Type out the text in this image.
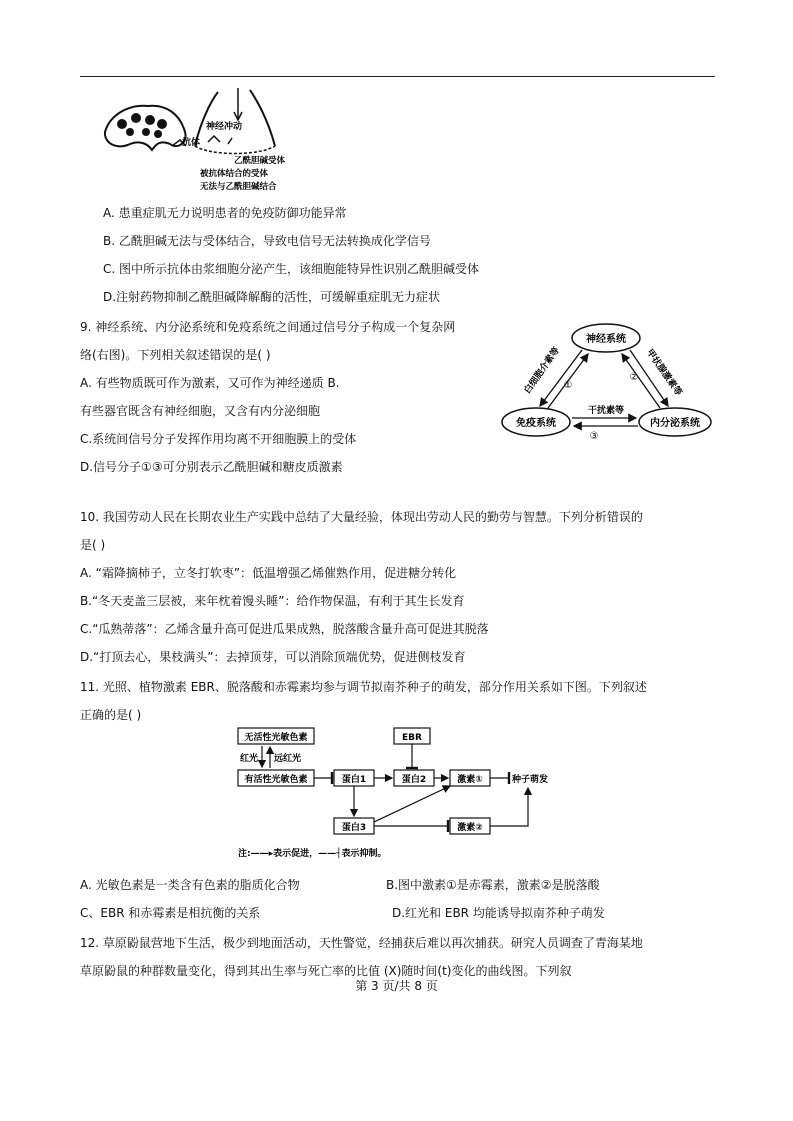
神经冲动
抗体
乙酰胆碱受体
被抗体结合的受体
无法与乙酰胆碱结合
A. 患重症肌无力说明患者的免疫防御功能异常
B. 乙酰胆碱无法与受体结合，导致电信号无法转换成化学信号
C. 图中所示抗体由浆细胞分泌产生，该细胞能特异性识别乙酰胆碱受体
D.注射药物抑制乙酰胆碱降解酶的活性，可缓解重症肌无力症状
9. 神经系统、内分泌系统和免疫系统之间通过信号分子构成一个复杂网
络(右图)。下列相关叙述错误的是( )
A. 有些物质既可作为激素，又可作为神经递质 B.
有些器官既含有神经细胞，又含有内分泌细胞
C.系统间信号分子发挥作用均离不开细胞膜上的受体
D.信号分子①③可分别表示乙酰胆碱和糖皮质激素
神经系统
免疫系统	内分泌系统
白细胞介素等	甲状腺激素等
干扰素等
①
②
③
10. 我国劳动人民在长期农业生产实践中总结了大量经验，体现出劳动人民的勤劳与智慧。下列分析错误的
是( )
A. “霜降摘柿子，立冬打软枣”：低温增强乙烯催熟作用，促进糖分转化
B.“冬天麦盖三层被，来年枕着馒头睡”：给作物保温，有利于其生长发育
C.“瓜熟蒂落”：乙烯含量升高可促进瓜果成熟，脱落酸含量升高可促进其脱落
D.“打顶去心，果枝满头”：去掉顶芽，可以消除顶端优势，促进侧枝发育
11. 光照、植物激素 EBR、脱落酸和赤霉素均参与调节拟南芥种子的萌发，部分作用关系如下图。下列叙述
正确的是( )
无活性光敏色素
红光 远红光
有活性光敏色素
EBR
蛋白1	蛋白2	激素①	种子萌发
蛋白3	激素②
注:——▸表示促进，——┤表示抑制。
A. 光敏色素是一类含有色素的脂质化合物	B.图中激素①是赤霉素，激素②是脱落酸
C、EBR 和赤霉素是相抗衡的关系	D.红光和 EBR 均能诱导拟南芥种子萌发
12. 草原鼢鼠营地下生活，极少到地面活动，天性警觉，经捕获后难以再次捕获。研究人员调查了青海某地
草原鼢鼠的种群数量变化，得到其出生率与死亡率的比值 (X)随时间(t)变化的曲线图。下列叙
第 3 页/共 8 页
